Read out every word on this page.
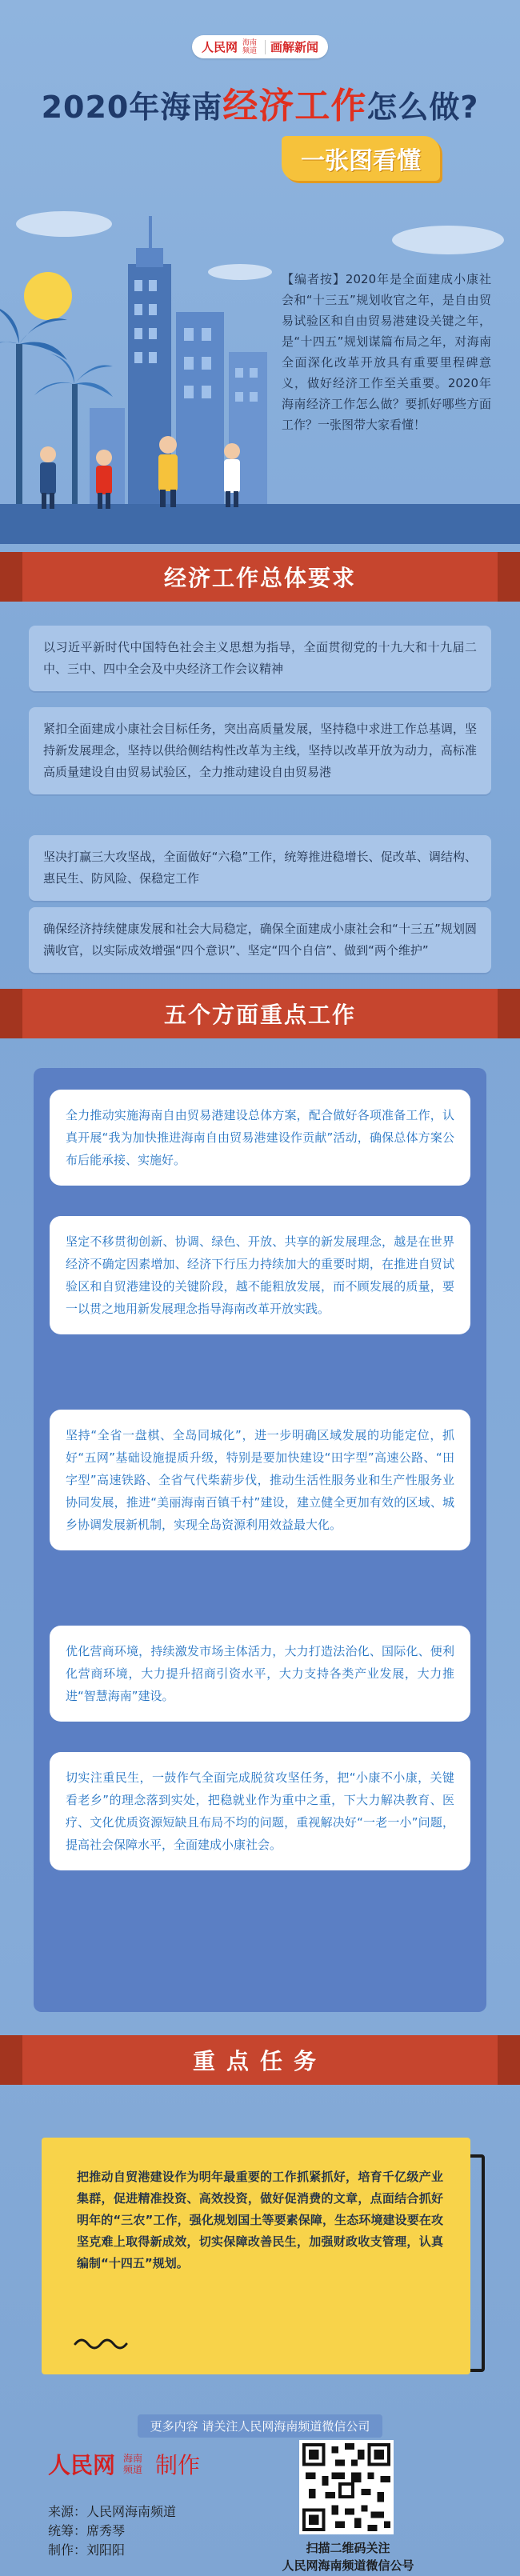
人民网 海南频道 画解新闻
2020年海南经济工作怎么做?
一张图看懂
【编者按】2020年是全面建成小康社会和“十三五”规划收官之年，是自由贸易试验区和自由贸易港建设关键之年，是“十四五”规划谋篇布局之年，对海南全面深化改革开放具有重要里程碑意义，做好经济工作至关重要。2020年海南经济工作怎么做？要抓好哪些方面工作？一张图带大家看懂！
经济工作总体要求
以习近平新时代中国特色社会主义思想为指导，全面贯彻党的十九大和十九届二中、三中、四中全会及中央经济工作会议精神
紧扣全面建成小康社会目标任务，突出高质量发展，坚持稳中求进工作总基调，坚持新发展理念，坚持以供给侧结构性改革为主线，坚持以改革开放为动力，高标准高质量建设自由贸易试验区，全力推动建设自由贸易港
坚决打赢三大攻坚战，全面做好“六稳”工作，统筹推进稳增长、促改革、调结构、惠民生、防风险、保稳定工作
确保经济持续健康发展和社会大局稳定，确保全面建成小康社会和“十三五”规划圆满收官，以实际成效增强“四个意识”、坚定“四个自信”、做到“两个维护”
五个方面重点工作
全力推动实施海南自由贸易港建设总体方案，配合做好各项准备工作，认真开展“我为加快推进海南自由贸易港建设作贡献”活动，确保总体方案公布后能承接、实施好。
坚定不移贯彻创新、协调、绿色、开放、共享的新发展理念，越是在世界经济不确定因素增加、经济下行压力持续加大的重要时期，在推进自贸试验区和自贸港建设的关键阶段，越不能粗放发展，而不顾发展的质量，要一以贯之地用新发展理念指导海南改革开放实践。
坚持“全省一盘棋、全岛同城化”，进一步明确区域发展的功能定位，抓好“五网”基础设施提质升级，特别是要加快建设“田字型”高速公路、“田字型”高速铁路、全省气代柴薪步伐，推动生活性服务业和生产性服务业协同发展，推进“美丽海南百镇千村”建设，建立健全更加有效的区域、城乡协调发展新机制，实现全岛资源利用效益最大化。
优化营商环境，持续激发市场主体活力，大力打造法治化、国际化、便利化营商环境，大力提升招商引资水平，大力支持各类产业发展，大力推进“智慧海南”建设。
切实注重民生，一鼓作气全面完成脱贫攻坚任务，把“小康不小康，关键看老乡”的理念落到实处，把稳就业作为重中之重，下大力解决教育、医疗、文化优质资源短缺且布局不均的问题，重视解决好“一老一小”问题，提高社会保障水平，全面建成小康社会。
重点任务
把推动自贸港建设作为明年最重要的工作抓紧抓好，培育千亿级产业集群，促进精准投资、高效投资，做好促消费的文章，点面结合抓好明年的“三农”工作，强化规划国土等要素保障，生态环境建设要在攻坚克难上取得新成效，切实保障改善民生，加强财政收支管理，认真编制“十四五”规划。
更多内容 请关注人民网海南频道微信公司
人民网 海南频道 制作
来源：人民网海南频道
统筹：席秀琴
制作：刘阳阳	扫描二维码关注
人民网海南频道微信公号
